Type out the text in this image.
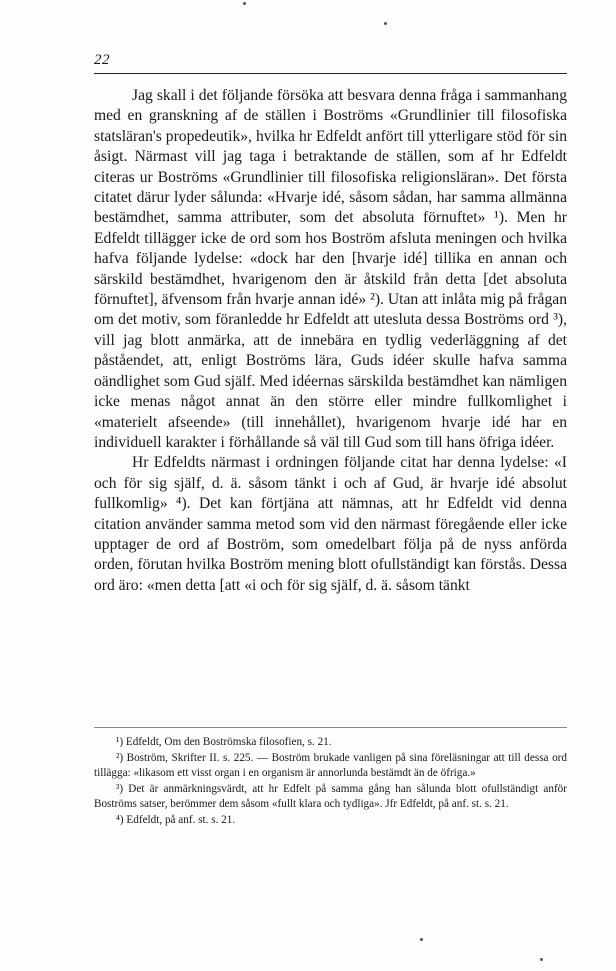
22

Jag skall i det följande försöka att besvara denna fråga i sammanhang med en granskning af de ställen i Boströms «Grundlinier till filosofiska statsläran's propedeutik», hvilka hr Edfeldt anfört till ytterligare stöd för sin åsigt. Närmast vill jag taga i betraktande de ställen, som af hr Edfeldt citeras ur Boströms «Grundlinier till filosofiska religionsläran». Det första citatet därur lyder sålunda: «Hvarje idé, såsom sådan, har samma allmänna bestämdhet, samma attributer, som det absoluta förnuftet» ¹). Men hr Edfeldt tillägger icke de ord som hos Boström afsluta meningen och hvilka hafva följande lydelse: «dock har den [hvarje idé] tillika en annan och särskild bestämdhet, hvarigenom den är åtskild från detta [det absoluta förnuftet], äfvensom från hvarje annan idé» ²). Utan att inlåta mig på frågan om det motiv, som föranledde hr Edfeldt att utesluta dessa Boströms ord ³), vill jag blott anmärka, att de innebära en tydlig vederläggning af det påståendet, att, enligt Boströms lära, Guds idéer skulle hafva samma oändlighet som Gud själf. Med idéernas särskilda bestämdhet kan nämligen icke menas något annat än den större eller mindre fullkomlighet i «materielt afseende» (till innehållet), hvarigenom hvarje idé har en individuell karakter i förhållande så väl till Gud som till hans öfriga idéer.

Hr Edfeldts närmast i ordningen följande citat har denna lydelse: «I och för sig själf, d. ä. såsom tänkt i och af Gud, är hvarje idé absolut fullkomlig» ⁴). Det kan förtjäna att nämnas, att hr Edfeldt vid denna citation använder samma metod som vid den närmast föregående eller icke upptager de ord af Boström, som omedelbart följa på de nyss anförda orden, förutan hvilka Boström mening blott ofullständigt kan förstås. Dessa ord äro: «men detta [att «i och för sig själf, d. ä. såsom tänkt

¹) Edfeldt, Om den Boströmska filosofien, s. 21.

²) Boström, Skrifter II. s. 225. — Boström brukade vanligen på sina föreläsningar att till dessa ord tillägga: «likasom ett visst organ i en organism är annorlunda bestämdt än de öfriga.»

³) Det är anmärkningsvärdt, att hr Edfelt på samma gång han sålunda blott ofullständigt anför Boströms satser, berömmer dem såsom «fullt klara och tydliga». Jfr Edfeldt, på anf. st. s. 21.

⁴) Edfeldt, på anf. st. s. 21.
